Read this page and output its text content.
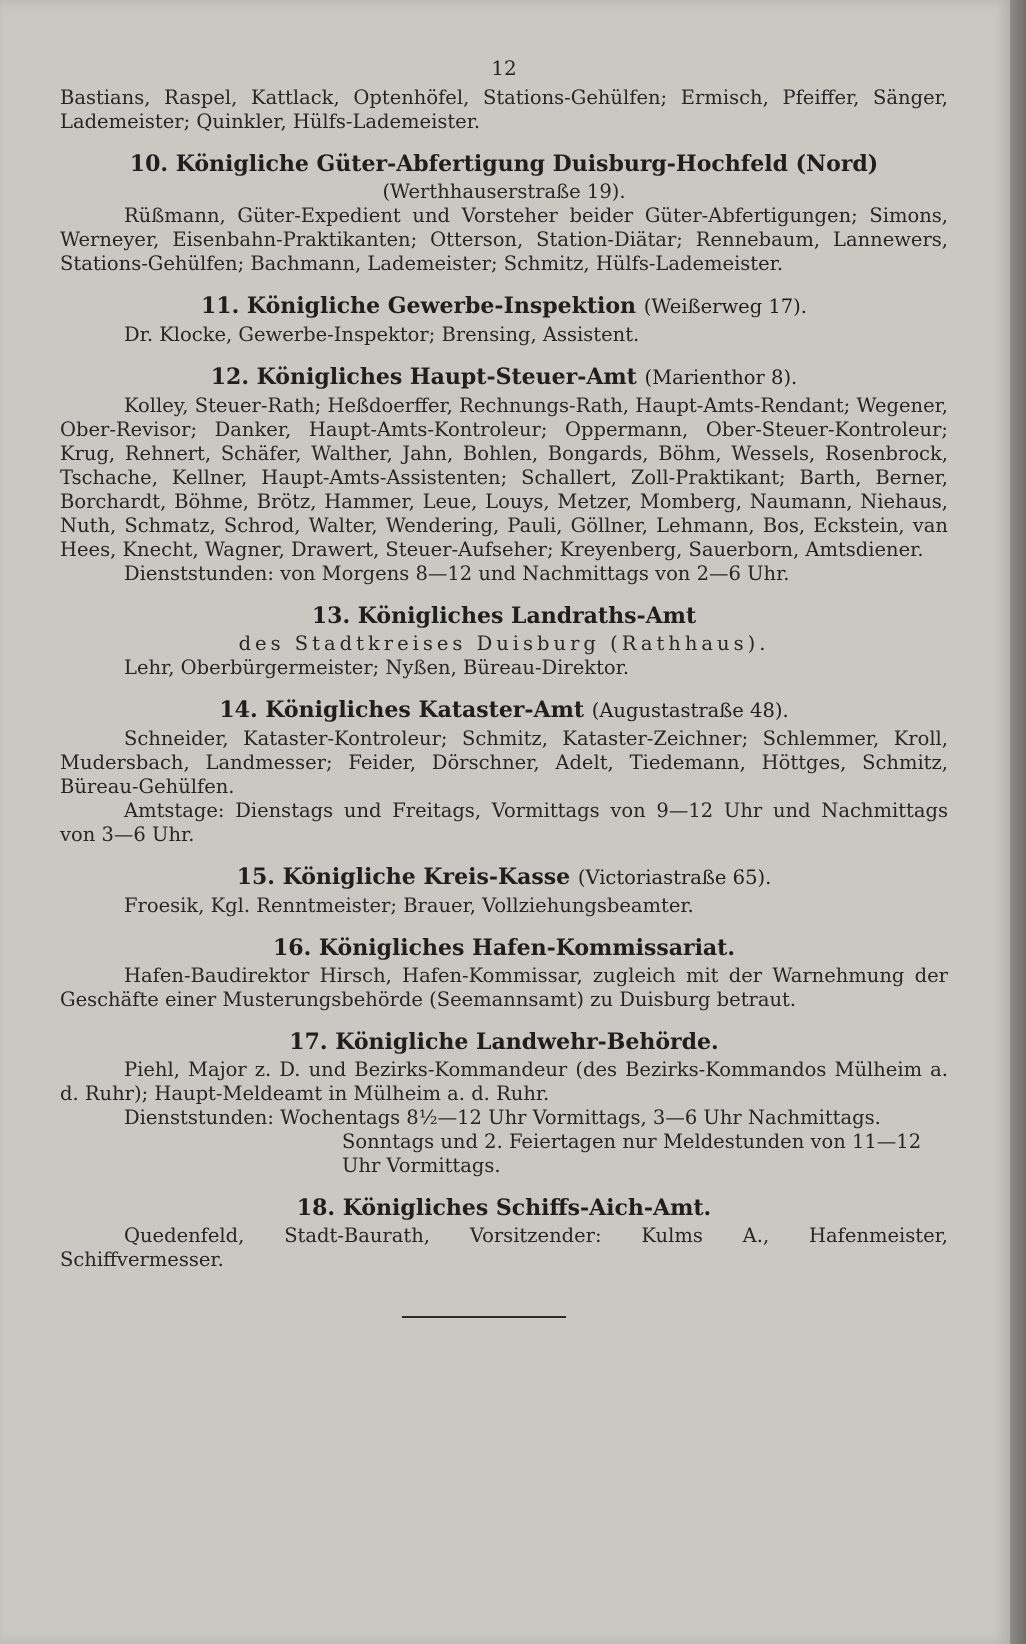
12

Bastians, Raspel, Kattlack, Optenhöfel, Stations-Gehülfen; Ermisch, Pfeiffer, Sänger, Lademeister; Quinkler, Hülfs-Lademeister.

10. Königliche Güter-Abfertigung Duisburg-Hochfeld (Nord)

(Werthhauserstraße 19).

Rüßmann, Güter-Expedient und Vorsteher beider Güter-Abfertigungen; Simons, Werneyer, Eisenbahn-Praktikanten; Otterson, Station-Diätar; Rennebaum, Lannewers, Stations-Gehülfen; Bachmann, Lademeister; Schmitz, Hülfs-Lademeister.

11. Königliche Gewerbe-Inspektion (Weißerweg 17).

Dr. Klocke, Gewerbe-Inspektor; Brensing, Assistent.

12. Königliches Haupt-Steuer-Amt (Marienthor 8).

Kolley, Steuer-Rath; Heßdoerffer, Rechnungs-Rath, Haupt-Amts-Rendant; Wegener, Ober-Revisor; Danker, Haupt-Amts-Kontroleur; Oppermann, Ober-Steuer-Kontroleur; Krug, Rehnert, Schäfer, Walther, Jahn, Bohlen, Bongards, Böhm, Wessels, Rosenbrock, Tschache, Kellner, Haupt-Amts-Assistenten; Schallert, Zoll-Praktikant; Barth, Berner, Borchardt, Böhme, Brötz, Hammer, Leue, Louys, Metzer, Momberg, Naumann, Niehaus, Nuth, Schmatz, Schrod, Walter, Wendering, Pauli, Göllner, Lehmann, Bos, Eckstein, van Hees, Knecht, Wagner, Drawert, Steuer-Aufseher; Kreyenberg, Sauerborn, Amtsdiener.

Dienststunden: von Morgens 8—12 und Nachmittags von 2—6 Uhr.

13. Königliches Landraths-Amt

des Stadtkreises Duisburg (Rathhaus).

Lehr, Oberbürgermeister; Nyßen, Büreau-Direktor.

14. Königliches Kataster-Amt (Augustastraße 48).

Schneider, Kataster-Kontroleur; Schmitz, Kataster-Zeichner; Schlemmer, Kroll, Mudersbach, Landmesser; Feider, Dörschner, Adelt, Tiedemann, Höttges, Schmitz, Büreau-Gehülfen.

Amtstage: Dienstags und Freitags, Vormittags von 9—12 Uhr und Nachmittags von 3—6 Uhr.

15. Königliche Kreis-Kasse (Victoriastraße 65).

Froesik, Kgl. Renntmeister; Brauer, Vollziehungsbeamter.

16. Königliches Hafen-Kommissariat.

Hafen-Baudirektor Hirsch, Hafen-Kommissar, zugleich mit der Warnehmung der Geschäfte einer Musterungsbehörde (Seemannsamt) zu Duisburg betraut.

17. Königliche Landwehr-Behörde.

Piehl, Major z. D. und Bezirks-Kommandeur (des Bezirks-Kommandos Mülheim a. d. Ruhr); Haupt-Meldeamt in Mülheim a. d. Ruhr.

Dienststunden: Wochentags 8½—12 Uhr Vormittags, 3—6 Uhr Nachmittags.

Sonntags und 2. Feiertagen nur Meldestunden von 11—12 Uhr Vormittags.

18. Königliches Schiffs-Aich-Amt.

Quedenfeld, Stadt-Baurath, Vorsitzender: Kulms A., Hafenmeister, Schiffvermesser.
